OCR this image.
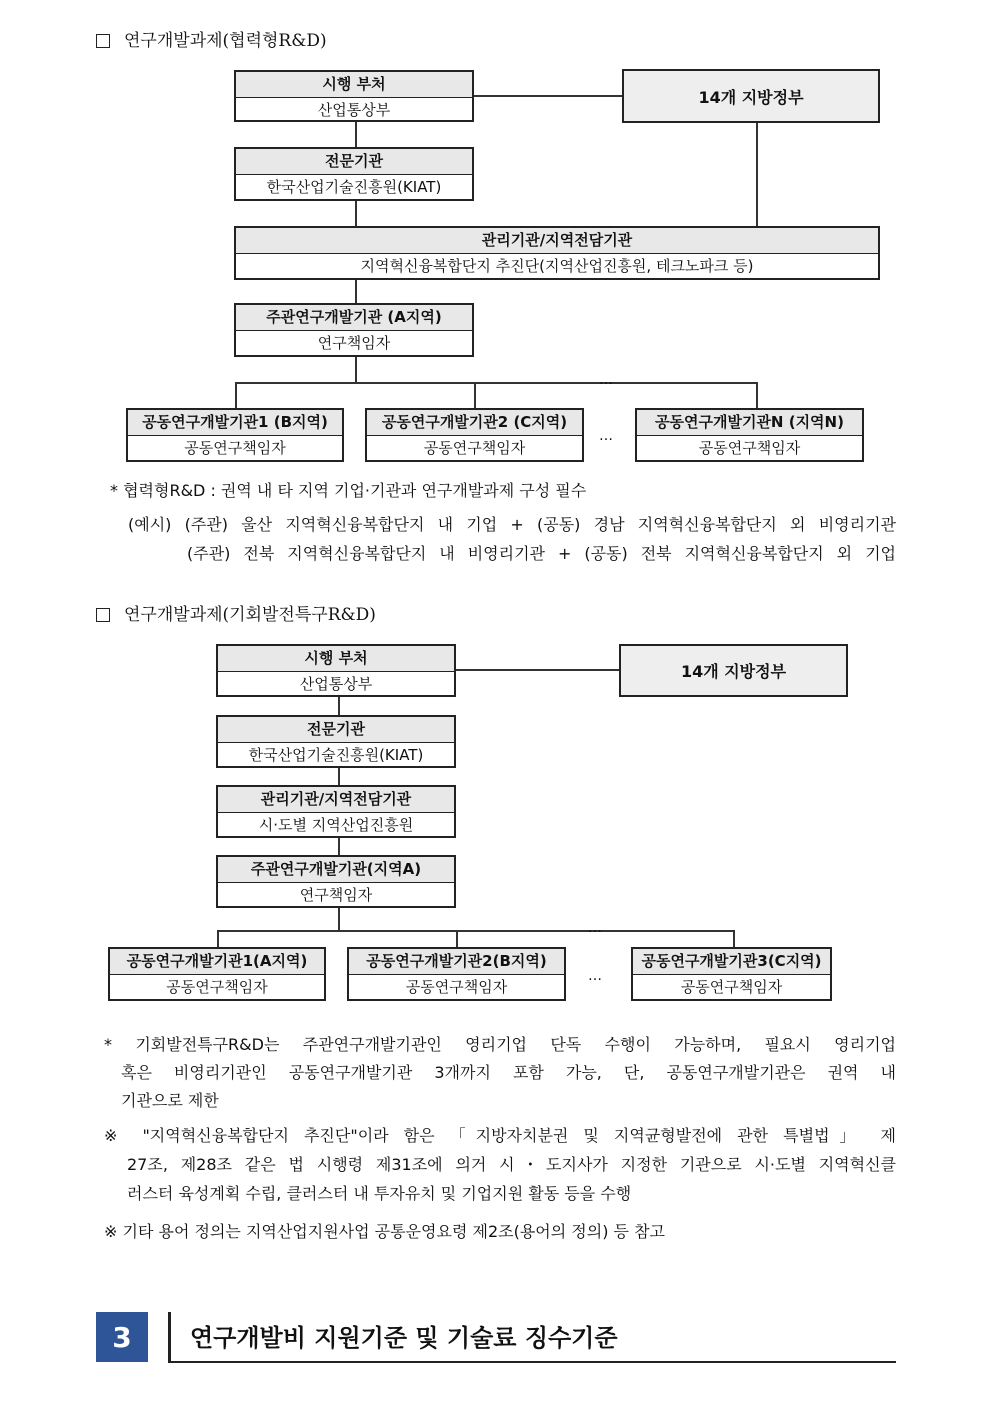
연구개발과제(협력형R&D)
…
…
시행 부처
산업통상부
14개 지방정부
전문기관
한국산업기술진흥원(KIAT)
관리기관/지역전담기관
지역혁신융복합단지 추진단(지역산업진흥원, 테크노파크 등)
주관연구개발기관 (A지역)
연구책임자
공동연구개발기관1 (B지역)
공동연구책임자
공동연구개발기관2 (C지역)
공동연구책임자
공동연구개발기관N (지역N)
공동연구책임자
* 협력형R&D : 권역 내 타 지역 기업·기관과 연구개발과제 구성 필수
(예시) (주관) 울산 지역혁신융복합단지 내 기업 + (공동) 경남 지역혁신융복합단지 외 비영리기관
(주관) 전북 지역혁신융복합단지 내 비영리기관 + (공동) 전북 지역혁신융복합단지 외 기업
연구개발과제(기회발전특구R&D)
…
…
시행 부처
산업통상부
14개 지방정부
전문기관
한국산업기술진흥원(KIAT)
관리기관/지역전담기관
시·도별 지역산업진흥원
주관연구개발기관(지역A)
연구책임자
공동연구개발기관1(A지역)
공동연구책임자
공동연구개발기관2(B지역)
공동연구책임자
공동연구개발기관3(C지역)
공동연구책임자
* 기회발전특구R&D는 주관연구개발기관인 영리기업 단독 수행이 가능하며, 필요시 영리기업
혹은 비영리기관인 공동연구개발기관 3개까지 포함 가능, 단, 공동연구개발기관은 권역 내
기관으로 제한
※ "지역혁신융복합단지 추진단"이라 함은 「지방자치분권 및 지역균형발전에 관한 특별법」 제
27조, 제28조 같은 법 시행령 제31조에 의거 시・도지사가 지정한 기관으로 시·도별 지역혁신클
러스터 육성계획 수립, 클러스터 내 투자유치 및 기업지원 활동 등을 수행
※ 기타 용어 정의는 지역산업지원사업 공통운영요령 제2조(용어의 정의) 등 참고
3	연구개발비 지원기준 및 기술료 징수기준
